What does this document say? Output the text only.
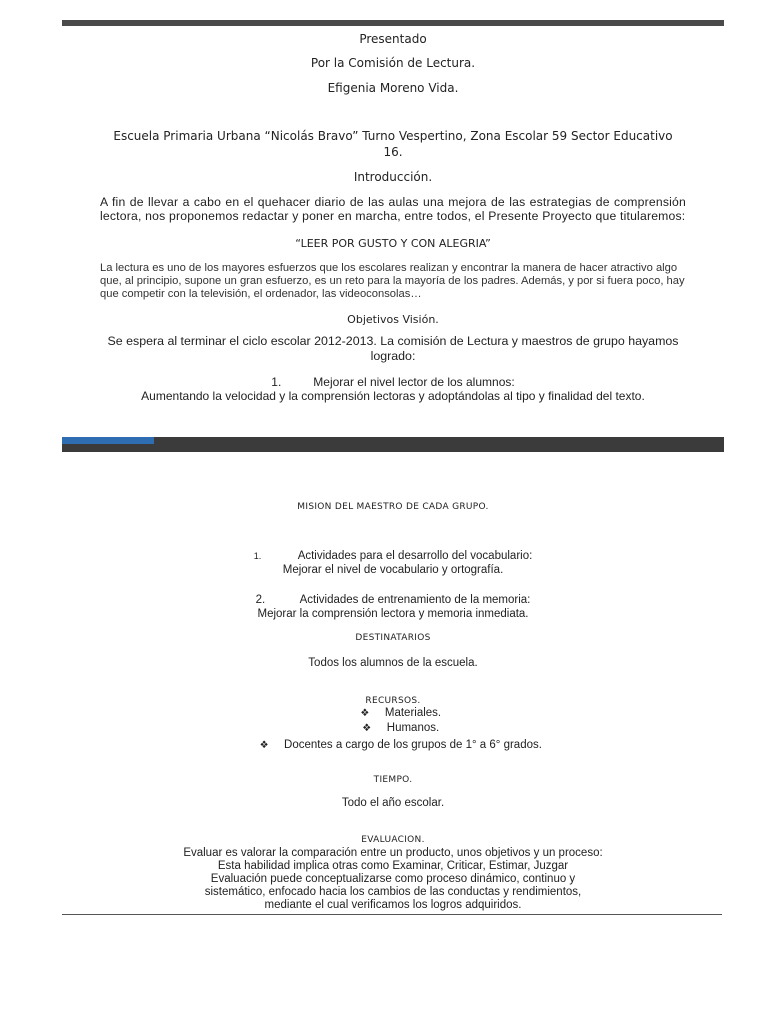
Presentado

Por la Comisión de Lectura.

Efigenia Moreno Vida.

Escuela Primaria Urbana “Nicolás Bravo” Turno Vespertino, Zona Escolar 59 Sector Educativo 16.

Introducción.

A fin de llevar a cabo en el quehacer diario de las aulas una mejora de las estrategias de comprensión lectora, nos proponemos redactar y poner en marcha, entre todos, el Presente Proyecto que titularemos:

“LEER POR GUSTO Y CON ALEGRIA”

La lectura es uno de los mayores esfuerzos que los escolares realizan y encontrar la manera de hacer atractivo algo que, al principio, supone un gran esfuerzo, es un reto para la mayoría de los padres. Además, y por si fuera poco, hay que competir con la televisión, el ordenador, las videoconsolas…

Objetivos Visión.

Se espera al terminar el ciclo escolar 2012-2013. La comisión de Lectura y maestros de grupo hayamos logrado:

1.	Mejorar el nivel lector de los alumnos:

Aumentando la velocidad y la comprensión lectoras y adoptándolas al tipo y finalidad del texto.

MISION DEL MAESTRO DE CADA GRUPO.

1.	Actividades para el desarrollo del vocabulario:
Mejorar el nivel de vocabulario y ortografía.
2.	Actividades de entrenamiento de la memoria:
Mejorar la comprensión lectora y memoria inmediata.

DESTINATARIOS

Todos los alumnos de la escuela.

RECURSOS.

❖ Materiales.
❖ Humanos.
❖ Docentes a cargo de los grupos de 1° a 6° grados.

TIEMPO.

Todo el año escolar.

EVALUACION.

Evaluar es valorar la comparación entre un producto, unos objetivos y un proceso:

Esta habilidad implica otras como Examinar, Criticar, Estimar, Juzgar

Evaluación puede conceptualizarse como proceso dinámico, continuo y

sistemático, enfocado hacia los cambios de las conductas y rendimientos,

mediante el cual verificamos los logros adquiridos.
